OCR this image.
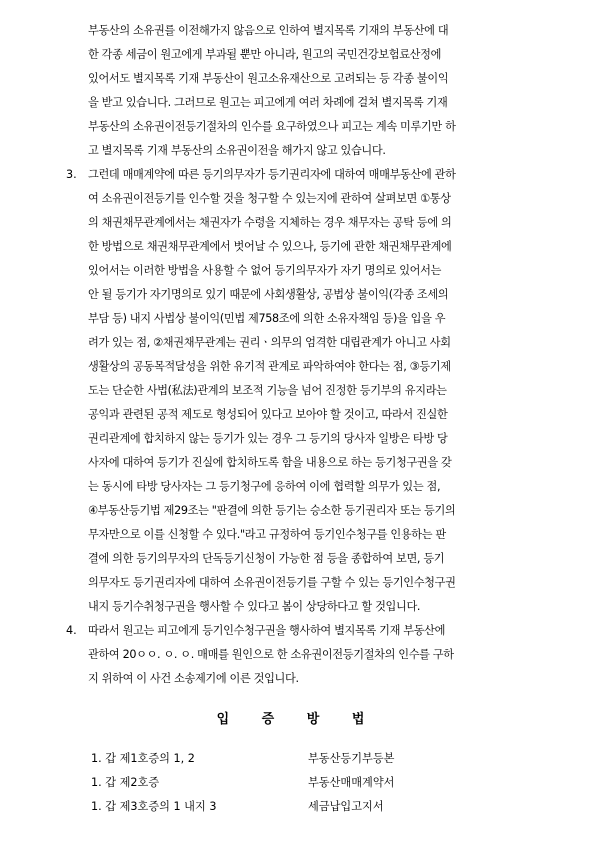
부동산의 소유권를 이전해가지 않음으로 인하여 별지목록 기재의 부동산에 대
한 각종 세금이 원고에게 부과될 뿐만 아니라, 원고의 국민건강보험료산정에
있어서도 별지목록 기재 부동산이 원고소유재산으로 고려되는 등 각종 불이익
을 받고 있습니다. 그러므로 원고는 피고에게 여러 차례에 걸쳐 별지목록 기재
부동산의 소유권이전등기절차의 인수를 요구하였으나 피고는 계속 미루기만 하
고 별지목록 기재 부동산의 소유권이전을 해가지 않고 있습니다.
3. 그런데 매매계약에 따른 등기의무자가 등기권리자에 대하여 매매부동산에 관하
여 소유권이전등기를 인수할 것을 청구할 수 있는지에 관하여 살펴보면 ①통상
의 채권채무관계에서는 채권자가 수령을 지체하는 경우 채무자는 공탁 등에 의
한 방법으로 채권채무관계에서 벗어날 수 있으나, 등기에 관한 채권채무관계에
있어서는 이러한 방법을 사용할 수 없어 등기의무자가 자기 명의로 있어서는
안 될 등기가 자기명의로 있기 때문에 사회생활상, 공법상 불이익(각종 조세의
부담 등) 내지 사법상 불이익(민법 제758조에 의한 소유자책임 등)을 입을 우
려가 있는 점, ②채권채무관계는 권리ㆍ의무의 엄격한 대립관계가 아니고 사회
생활상의 공동목적달성을 위한 유기적 관계로 파악하여야 한다는 점, ③등기제
도는 단순한 사법(私法)관계의 보조적 기능을 넘어 진정한 등기부의 유지라는
공익과 관련된 공적 제도로 형성되어 있다고 보아야 할 것이고, 따라서 진실한
권리관계에 합치하지 않는 등기가 있는 경우 그 등기의 당사자 일방은 타방 당
사자에 대하여 등기가 진실에 합치하도록 함을 내용으로 하는 등기청구권을 갖
는 동시에 타방 당사자는 그 등기청구에 응하여 이에 협력할 의무가 있는 점,
④부동산등기법 제29조는 "판결에 의한 등기는 승소한 등기권리자 또는 등기의
무자만으로 이를 신청할 수 있다."라고 규정하여 등기인수청구를 인용하는 판
결에 의한 등기의무자의 단독등기신청이 가능한 점 등을 종합하여 보면, 등기
의무자도 등기권리자에 대하여 소유권이전등기를 구할 수 있는 등기인수청구권
내지 등기수취청구권을 행사할 수 있다고 봄이 상당하다고 할 것입니다.
4. 따라서 원고는 피고에게 등기인수청구권을 행사하여 별지목록 기재 부동산에
관하여 20ㅇㅇ. ㅇ. ㅇ. 매매를 원인으로 한 소유권이전등기절차의 인수를 구하
지 위하여 이 사건 소송제기에 이른 것입니다.
입 증 방 법
1. 갑 제1호증의 1, 2	부동산등기부등본
1. 갑 제2호증	부동산매매계약서
1. 갑 제3호증의 1 내지 3	세금납입고지서
